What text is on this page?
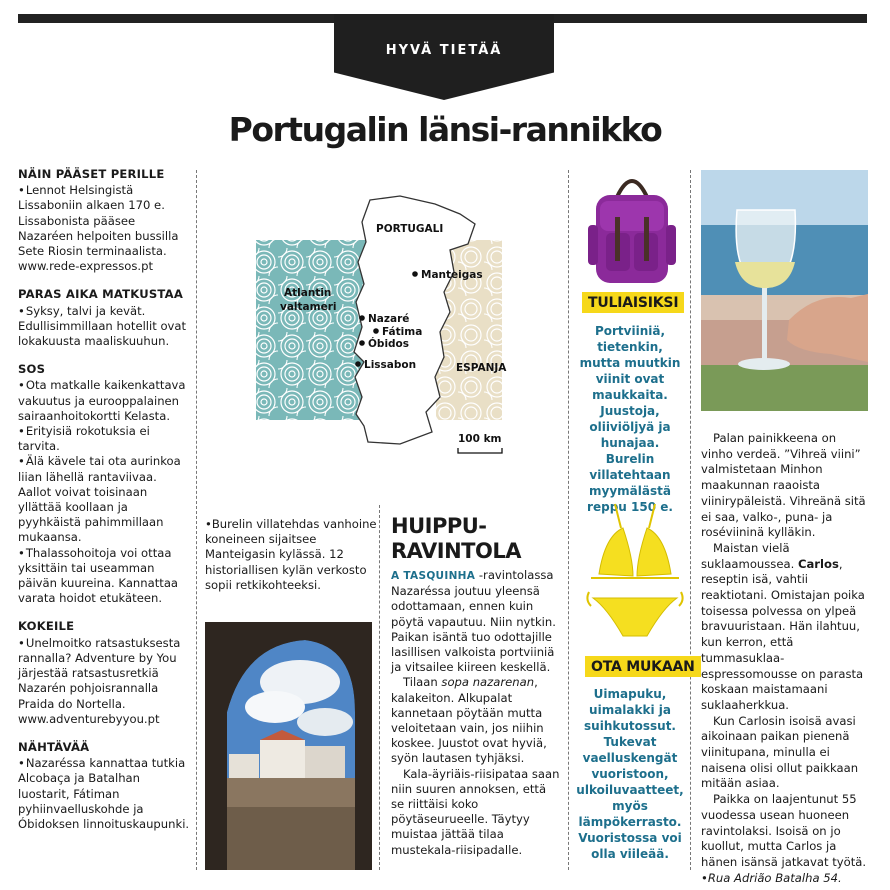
HYVÄ TIETÄÄ
Portugalin länsi-rannikko
NÄIN PÄÄSET PERILLE
• Lennot Helsingistä Lissaboniin alkaen 170 e. Lissabonista pääsee Nazaréen helpoiten bussilla Sete Riosin terminaalista. www.rede-expressos.pt
PARAS AIKA MATKUSTAA
• Syksy, talvi ja kevät. Edullisimmillaan hotellit ovat lokakuusta maaliskuuhun.
SOS
• Ota matkalle kaikenkattava vakuutus ja eurooppalainen sairaanhoitokortti Kelasta.
• Erityisiä rokotuksia ei tarvita.
• Älä kävele tai ota aurinkoa liian lähellä rantaviivaa. Aallot voivat toisinaan yllättää koollaan ja pyyhkäistä pahimmillaan mukaansa.
• Thalassohoitoja voi ottaa yksittäin tai useamman päivän kuureina. Kannattaa varata hoidot etukäteen.
KOKEILE
• Unelmoitko ratsastuksesta rannalla? Adventure by You järjestää ratsastusretkiä Nazarén pohjoisrannalla Praida do Nortella. www.adventurebyyou.pt
NÄHTÄVÄÄ
• Nazaréssa kannattaa tutkia Alcobaça ja Batalhan luostarit, Fátiman pyhiinvaelluskohde ja Óbidoksen linnoituskaupunki.
PORTUGALI
Atlantin
valtameri
Manteigas
Nazaré
Fátima
Óbidos
Lissabon	ESPANJA
100 km
• Burelin villatehdas vanhoine koneineen sijaitsee Manteigasin kylässä. 12 historiallisen kylän verkosto sopii retkikohteeksi.
HUIPPU-
RAVINTOLA

A TASQUINHA -ravintolassa Nazaréssa joutuu yleensä odottamaan, ennen kuin pöytä vapautuu. Niin nytkin. Paikan isäntä tuo odottajille lasillisen valkoista portviiniä ja vitsailee kiireen keskellä.

Tilaan sopa nazarenan, kalakeiton. Alkupalat kannetaan pöytään mutta veloitetaan vain, jos niihin koskee. Juustot ovat hyviä, syön lautasen tyhjäksi.

Kala-äyriäis-riisipataa saan niin suuren annoksen, että se riittäisi koko pöytäseurueelle. Täytyy muistaa jättää tilaa mustekala-riisipadalle.

TULIAISIKSI
Portviiniä, tietenkin, mutta muutkin viinit ovat maukkaita. Juustoja, oliiviöljyä ja hunajaa. Burelin villatehtaan myymälästä reppu 150 e.
OTA MUKAAN
Uimapuku, uimalakki ja suihkutossut. Tukevat vaelluskengät vuoristoon, ulkoiluvaatteet, myös lämpökerrasto. Vuoristossa voi olla viileää.

Palan painikkeena on vinho verdeä. ”Vihreä viini” valmistetaan Minhon maakunnan raaoista viinirypäleistä. Vihreänä sitä ei saa, valko-, puna- ja roséviininä kylläkin.

Maistan vielä suklaamoussea. Carlos, reseptin isä, vahtii reaktiotani. Omistajan poika toisessa polvessa on ylpeä bravuuristaan. Hän ilahtuu, kun kerron, että tummasuklaa-espressomousse on parasta koskaan maistamaani suklaaherkkua.

Kun Carlosin isoisä avasi aikoinaan paikan pienenä viinitupana, minulla ei naisena olisi ollut paikkaan mitään asiaa.

Paikka on laajentunut 55 vuodessa usean huoneen ravintolaksi. Isoisä on jo kuollut, mutta Carlos ja hänen isänsä jatkavat työtä.

• Rua Adrião Batalha 54.
